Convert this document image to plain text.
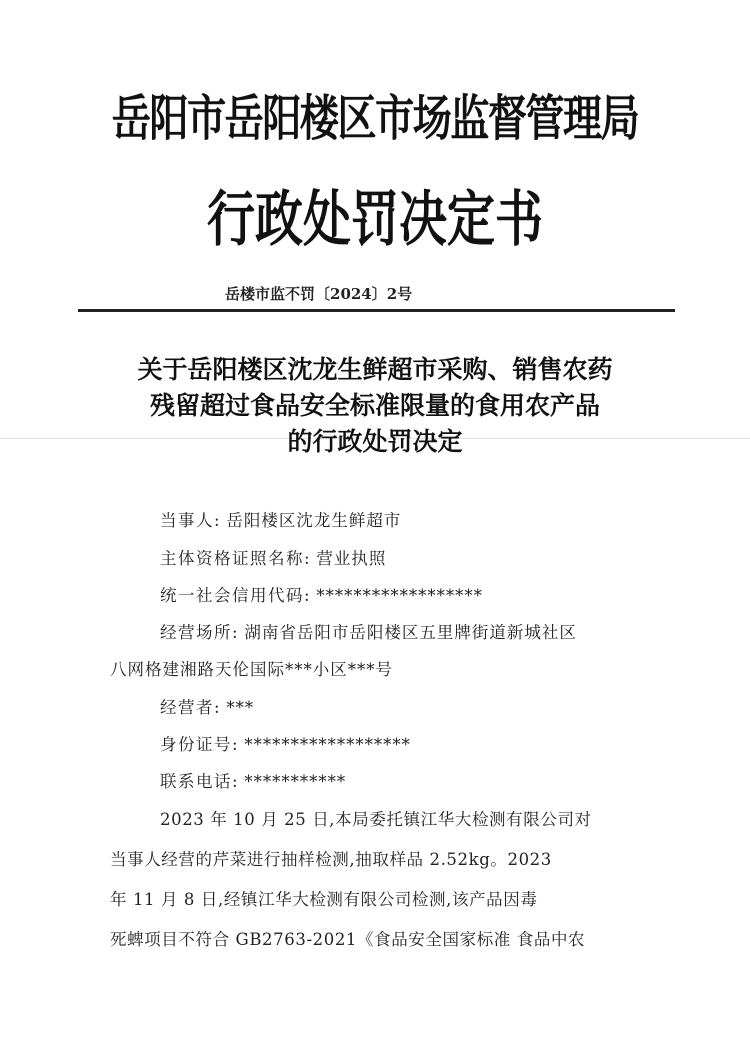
岳阳市岳阳楼区市场监督管理局
行政处罚决定书
岳楼市监不罚〔2024〕2号
关于岳阳楼区沈龙生鲜超市采购、销售农药
残留超过食品安全标准限量的食用农产品
的行政处罚决定
当事人: 岳阳楼区沈龙生鲜超市
主体资格证照名称: 营业执照
统一社会信用代码: ******************
经营场所: 湖南省岳阳市岳阳楼区五里牌街道新城社区
八网格建湘路天伦国际***小区***号
经营者: ***
身份证号: ******************
联系电话: ***********
2023 年 10 月 25 日,本局委托镇江华大检测有限公司对
当事人经营的芹菜进行抽样检测,抽取样品 2.52kg。2023
年 11 月 8 日,经镇江华大检测有限公司检测,该产品因毒
死蜱项目不符合 GB2763-2021《食品安全国家标准 食品中农
